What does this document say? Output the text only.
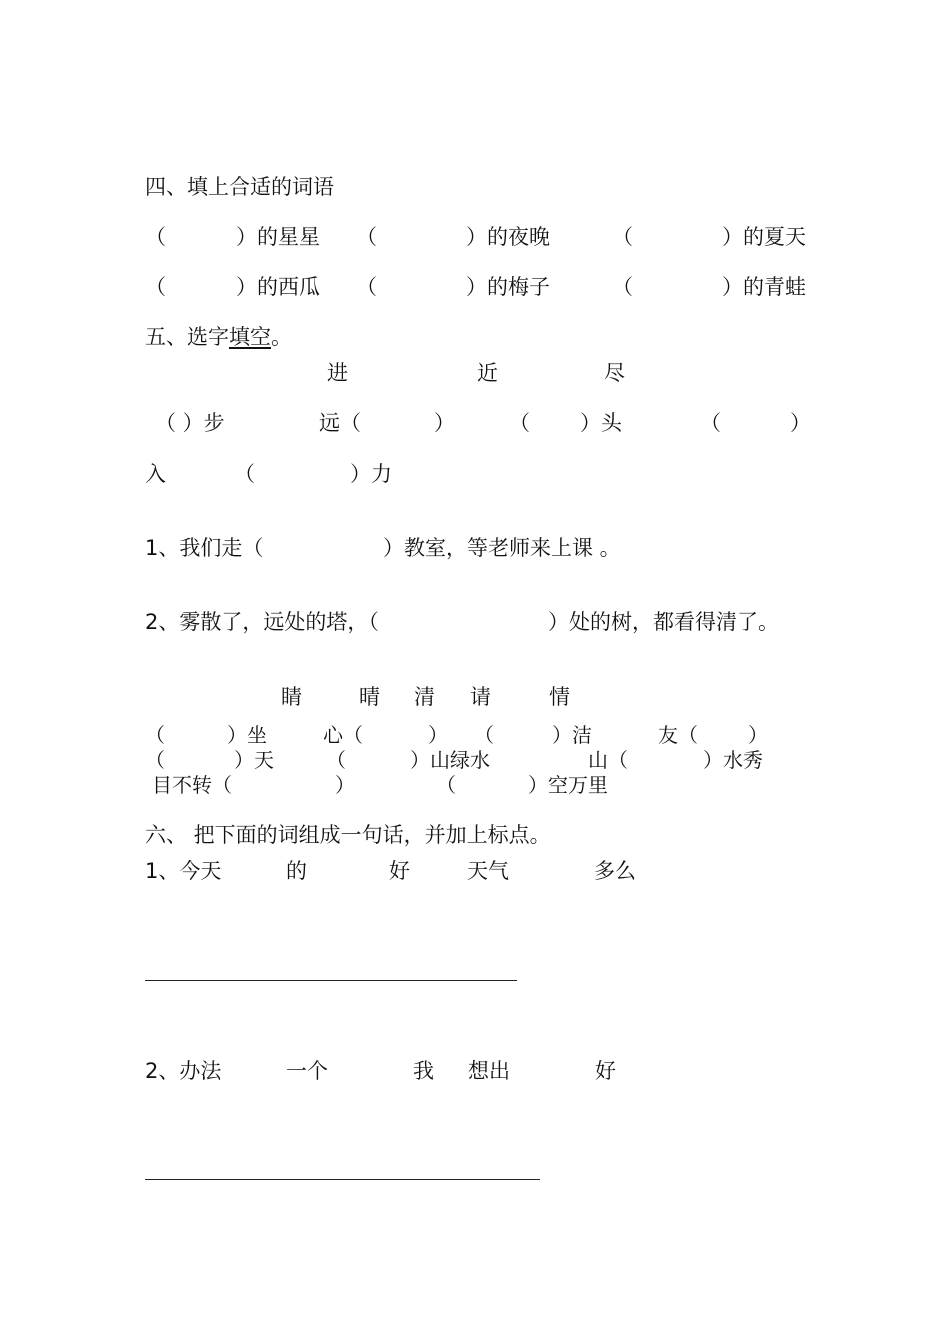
四、填上合适的词语
（	）的星星 （	）的夜晚	（	）的夏天
（	）的西瓜 （	）的梅子	（	）的青蛙
五、选字填空。
进	近	尽
（ ）步	远（	）	（ ）头	（	）
入	（	）力
1、我们走（	）教室，等老师来上课 。
2、雾散了，远处的塔，（	）处的树，都看得清了。
睛	晴 清 请	情
（	）坐	心（	） （	）洁	友（	）
（	）天	（	）山绿水	山（	）水秀
目不转（	）	（	）空万里
六、 把下面的词组成一句话，并加上标点。
1、今天	的	好	天气	多么
2、办法	一个	我 想出	好
